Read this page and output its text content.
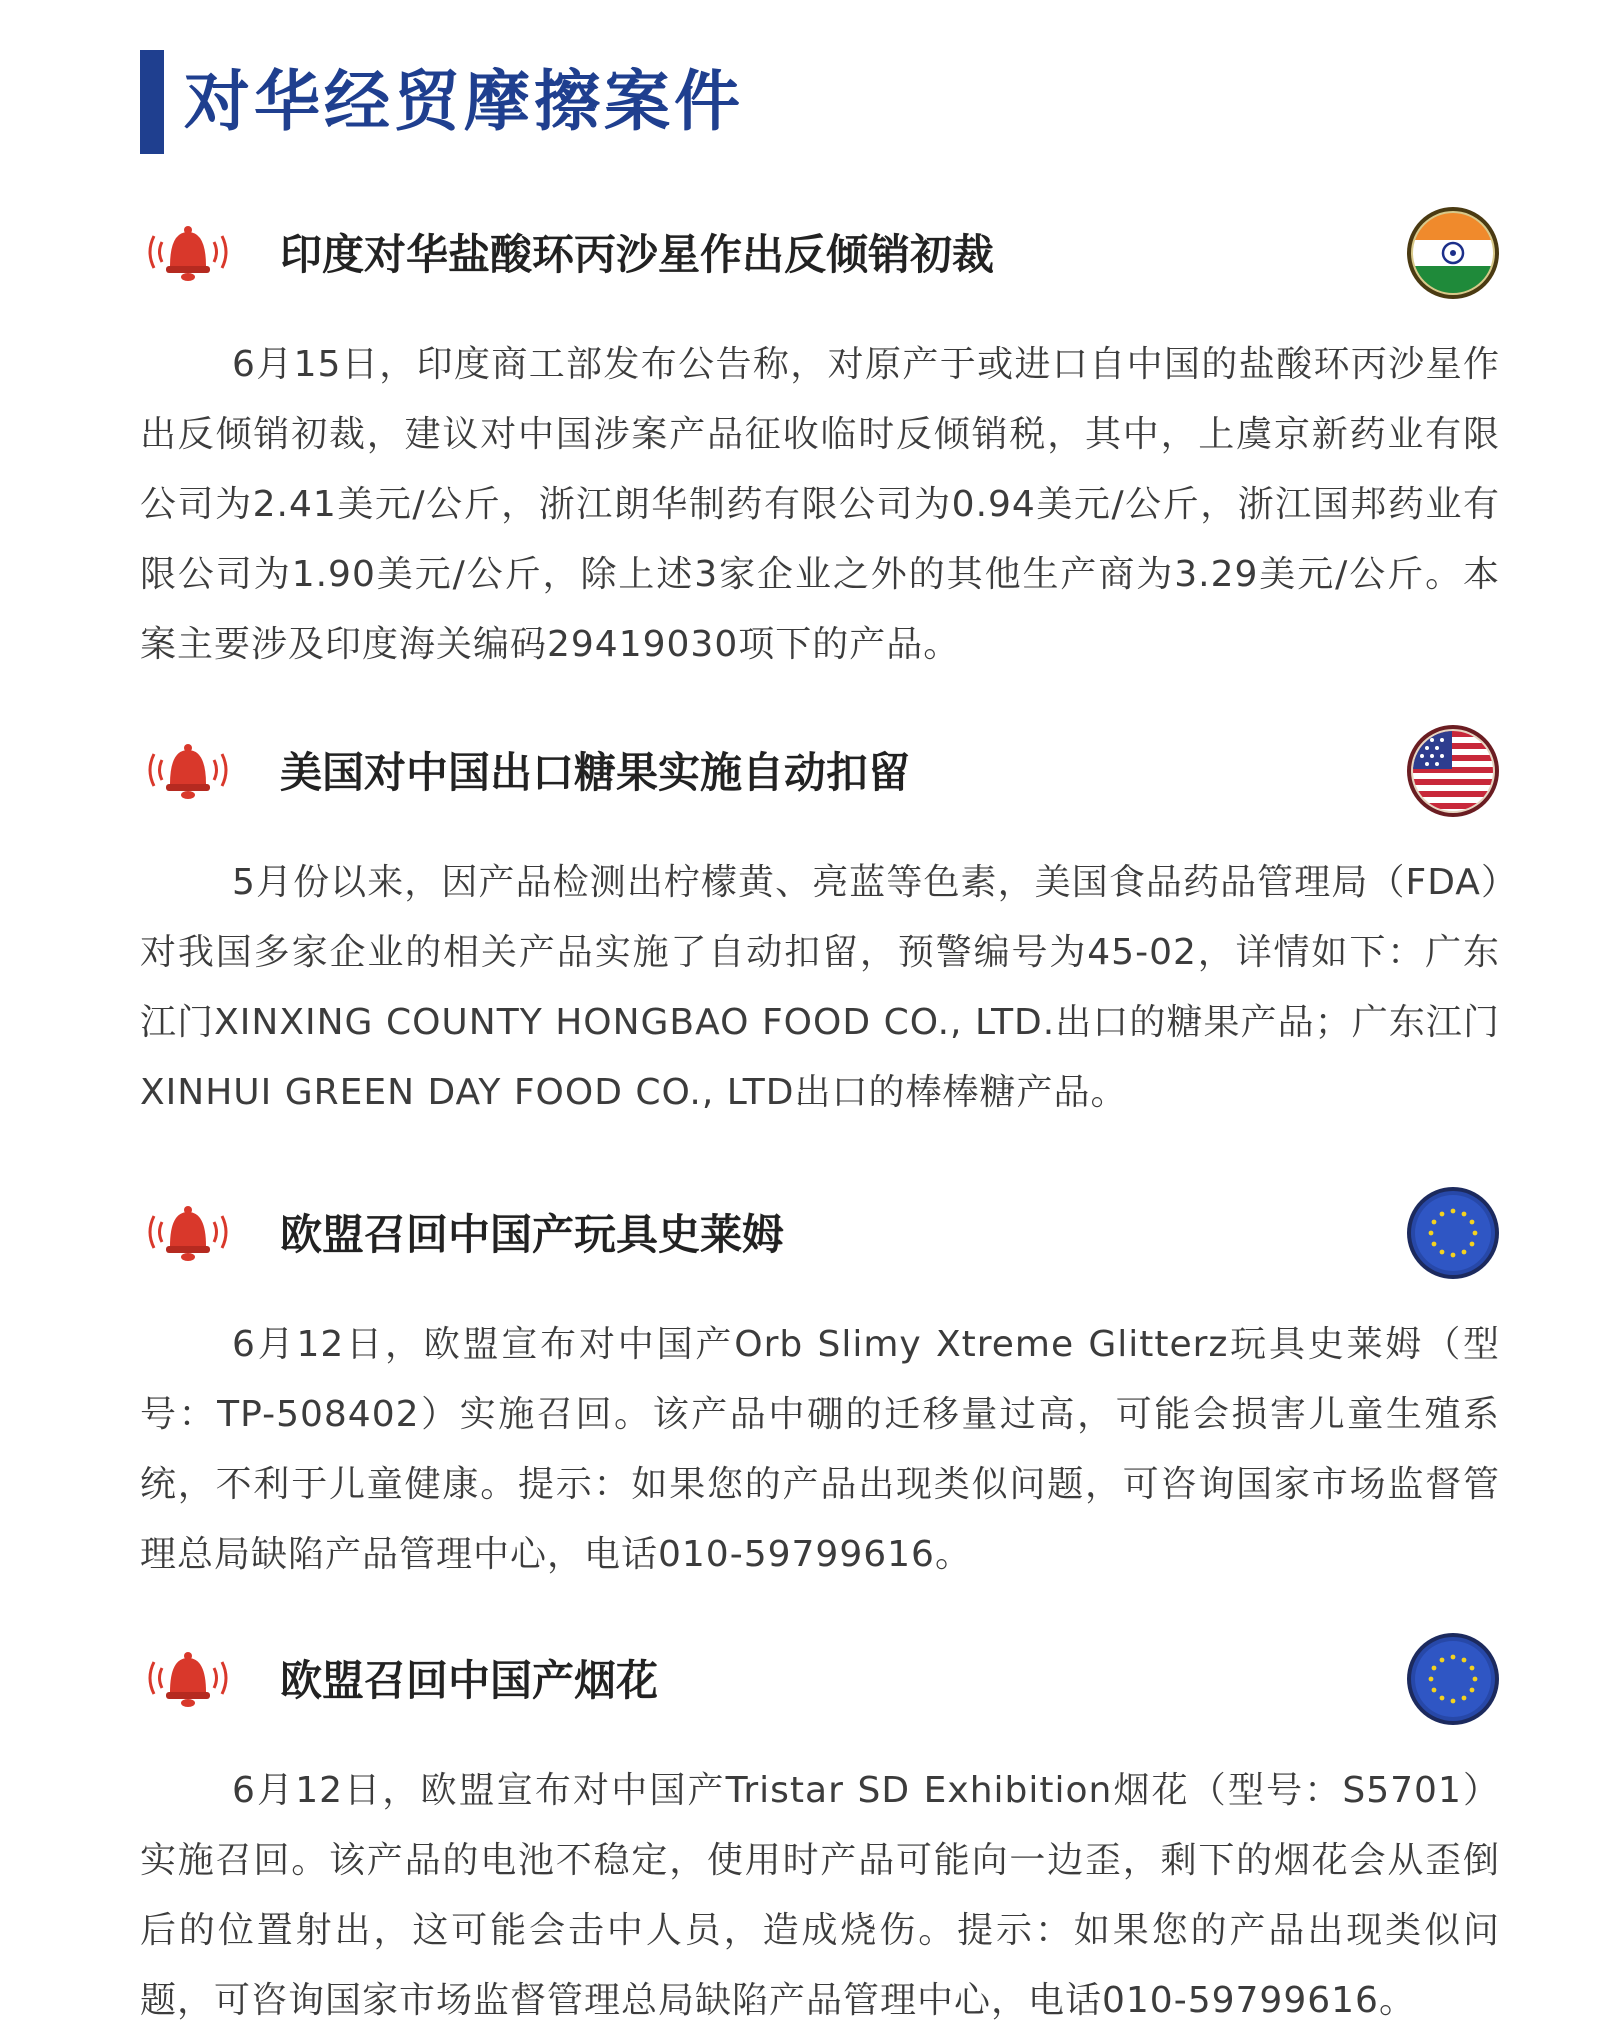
对华经贸摩擦案件
印度对华盐酸环丙沙星作出反倾销初裁
6月15日，印度商工部发布公告称，对原产于或进口自中国的盐酸环丙沙星作出反倾销初裁，建议对中国涉案产品征收临时反倾销税，其中，上虞京新药业有限公司为2.41美元/公斤，浙江朗华制药有限公司为0.94美元/公斤，浙江国邦药业有限公司为1.90美元/公斤，除上述3家企业之外的其他生产商为3.29美元/公斤。本案主要涉及印度海关编码29419030项下的产品。
美国对中国出口糖果实施自动扣留
5月份以来，因产品检测出柠檬黄、亮蓝等色素，美国食品药品管理局（FDA）对我国多家企业的相关产品实施了自动扣留，预警编号为45-02，详情如下：广东江门XINXING COUNTY HONGBAO FOOD CO., LTD.出口的糖果产品；广东江门XINHUI GREEN DAY FOOD CO., LTD出口的棒棒糖产品。
欧盟召回中国产玩具史莱姆
6月12日，欧盟宣布对中国产Orb Slimy Xtreme Glitterz玩具史莱姆（型号：TP-508402）实施召回。该产品中硼的迁移量过高，可能会损害儿童生殖系统，不利于儿童健康。提示：如果您的产品出现类似问题，可咨询国家市场监督管理总局缺陷产品管理中心，电话010-59799616。
欧盟召回中国产烟花
6月12日，欧盟宣布对中国产Tristar SD Exhibition烟花（型号：S5701）实施召回。该产品的电池不稳定，使用时产品可能向一边歪，剩下的烟花会从歪倒后的位置射出，这可能会击中人员，造成烧伤。提示：如果您的产品出现类似问题，可咨询国家市场监督管理总局缺陷产品管理中心，电话010-59799616。
